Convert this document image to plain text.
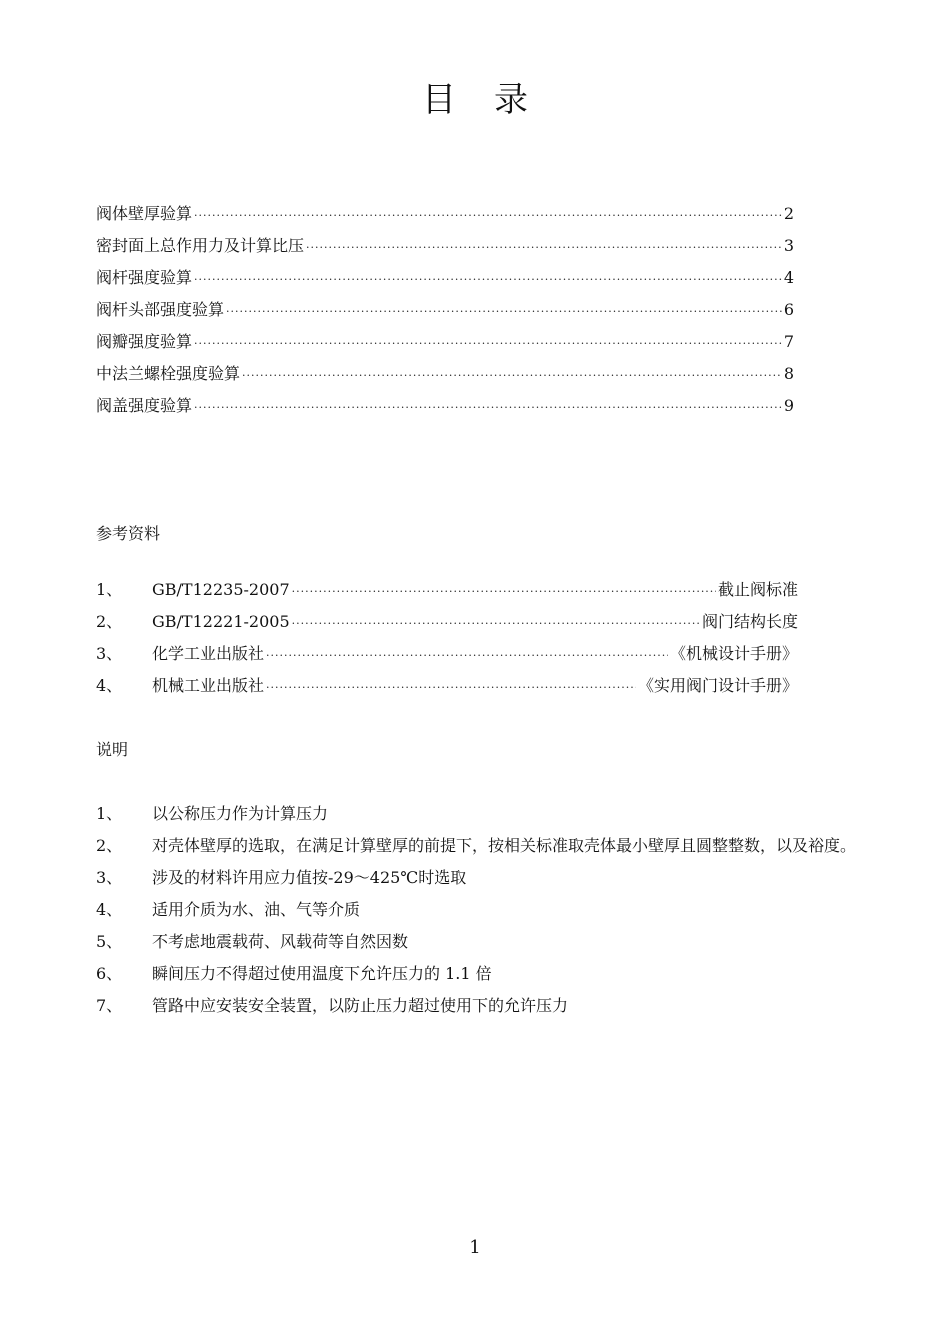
目录
阀体壁厚验算 ·····	2
密封面上总作用力及计算比压 ·····	3
阀杆强度验算 ·····	4
阀杆头部强度验算 ·····	6
阀瓣强度验算 ·····	7
中法兰螺栓强度验算 ·····	8
阀盖强度验算 ·····	9
参考资料
1、	GB/T12235-2007 ·····	截止阀标准
2、	GB/T12221-2005 ·····	阀门结构长度
3、	化学工业出版社 ·····	《机械设计手册》
4、	机械工业出版社 ·····	《实用阀门设计手册》
说明
1、	以公称压力作为计算压力
2、	对壳体壁厚的选取，在满足计算壁厚的前提下，按相关标准取壳体最小壁厚且圆整整数，以及裕度。
3、	涉及的材料许用应力值按-29～425℃时选取
4、	适用介质为水、油、气等介质
5、	不考虑地震载荷、风载荷等自然因数
6、	瞬间压力不得超过使用温度下允许压力的 1.1 倍
7、	管路中应安装安全装置，以防止压力超过使用下的允许压力
1
